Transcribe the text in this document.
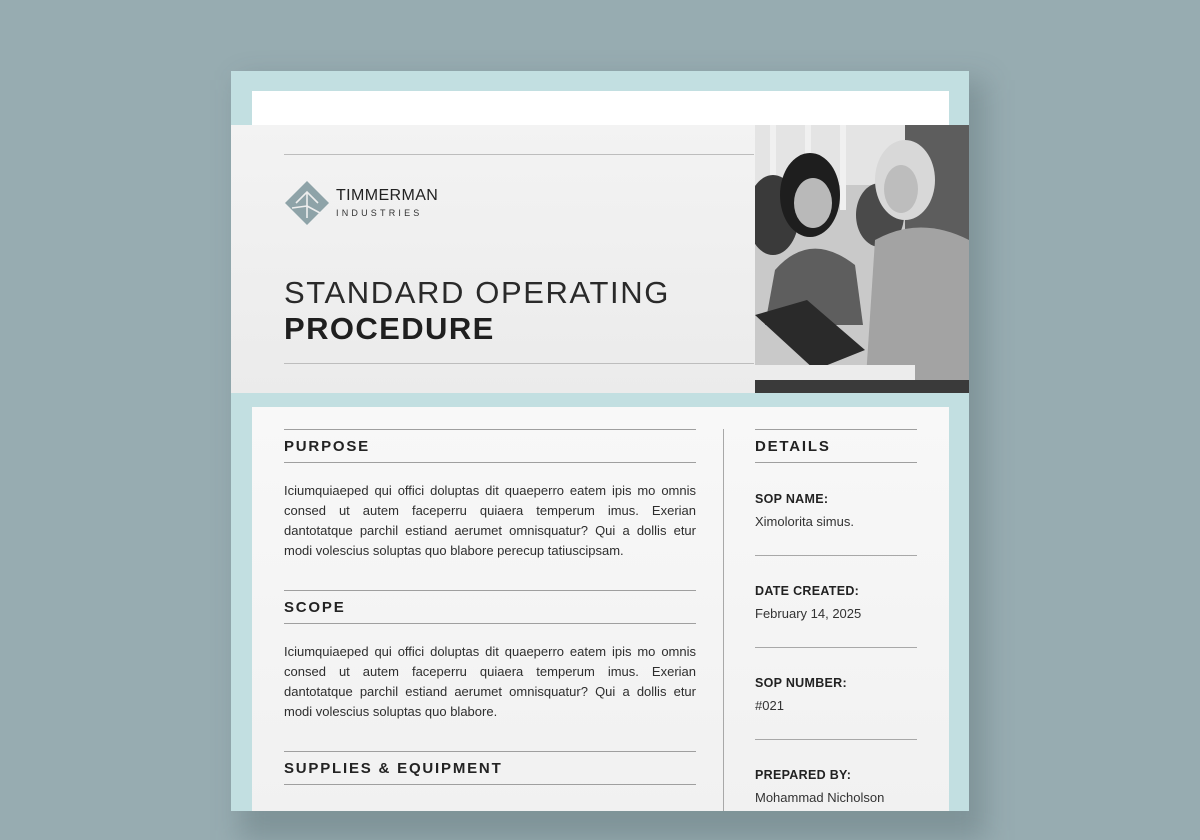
TIMMERMAN
INDUSTRIES
STANDARD OPERATING
PROCEDURE
PURPOSE
Iciumquiaeped qui offici doluptas dit quaeperro eatem ipis mo omnis consed ut autem faceperru quiaera temperum imus. Exerian dantotatque parchil estiand aerumet omnisquatur? Qui a dollis etur modi volescius soluptas quo blabore perecup tatiuscipsam.
SCOPE
Iciumquiaeped qui offici doluptas dit quaeperro eatem ipis mo omnis consed ut autem faceperru quiaera temperum imus. Exerian dantotatque parchil estiand aerumet omnisquatur? Qui a dollis etur modi volescius soluptas quo blabore.
SUPPLIES & EQUIPMENT
DETAILS
SOP NAME:
Ximolorita simus.
DATE CREATED:
February 14, 2025
SOP NUMBER:
#021
PREPARED BY:
Mohammad Nicholson
